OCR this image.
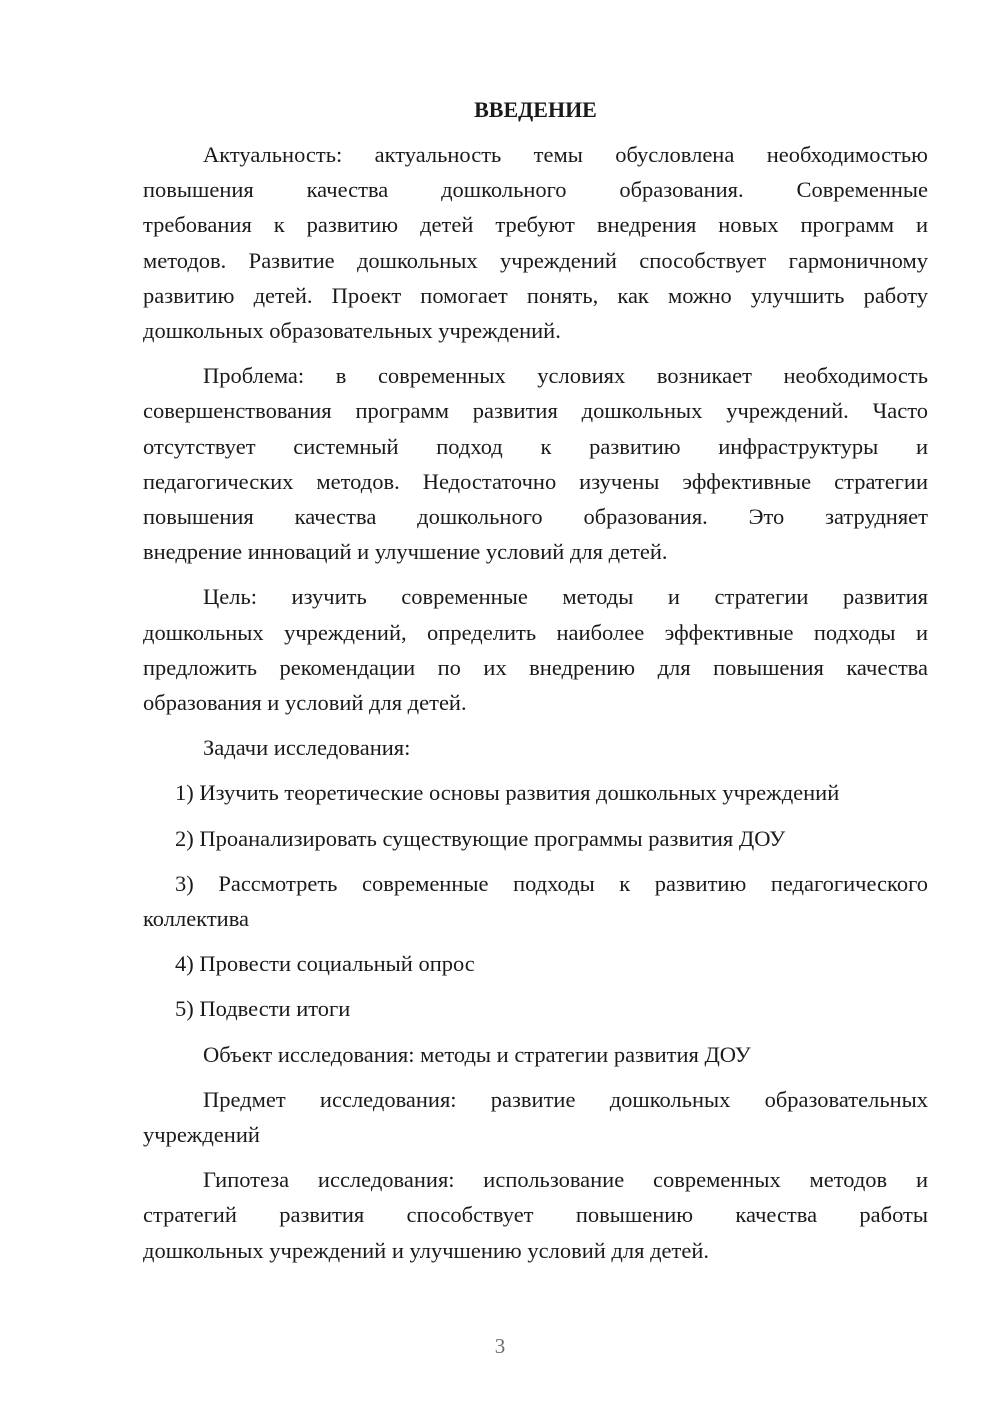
ВВЕДЕНИЕ
Актуальность: актуальность темы обусловлена необходимостью
повышения качества дошкольного образования. Современные
требования к развитию детей требуют внедрения новых программ и
методов. Развитие дошкольных учреждений способствует гармоничному
развитию детей. Проект помогает понять, как можно улучшить работу
дошкольных образовательных учреждений.
Проблема: в современных условиях возникает необходимость
совершенствования программ развития дошкольных учреждений. Часто
отсутствует системный подход к развитию инфраструктуры и
педагогических методов. Недостаточно изучены эффективные стратегии
повышения качества дошкольного образования. Это затрудняет
внедрение инноваций и улучшение условий для детей.
Цель: изучить современные методы и стратегии развития
дошкольных учреждений, определить наиболее эффективные подходы и
предложить рекомендации по их внедрению для повышения качества
образования и условий для детей.
Задачи исследования:
1) Изучить теоретические основы развития дошкольных учреждений
2) Проанализировать существующие программы развития ДОУ
3) Рассмотреть современные подходы к развитию педагогического
коллектива
4) Провести социальный опрос
5) Подвести итоги
Объект исследования: методы и стратегии развития ДОУ
Предмет исследования: развитие дошкольных образовательных
учреждений
Гипотеза исследования: использование современных методов и
стратегий развития способствует повышению качества работы
дошкольных учреждений и улучшению условий для детей.
3
